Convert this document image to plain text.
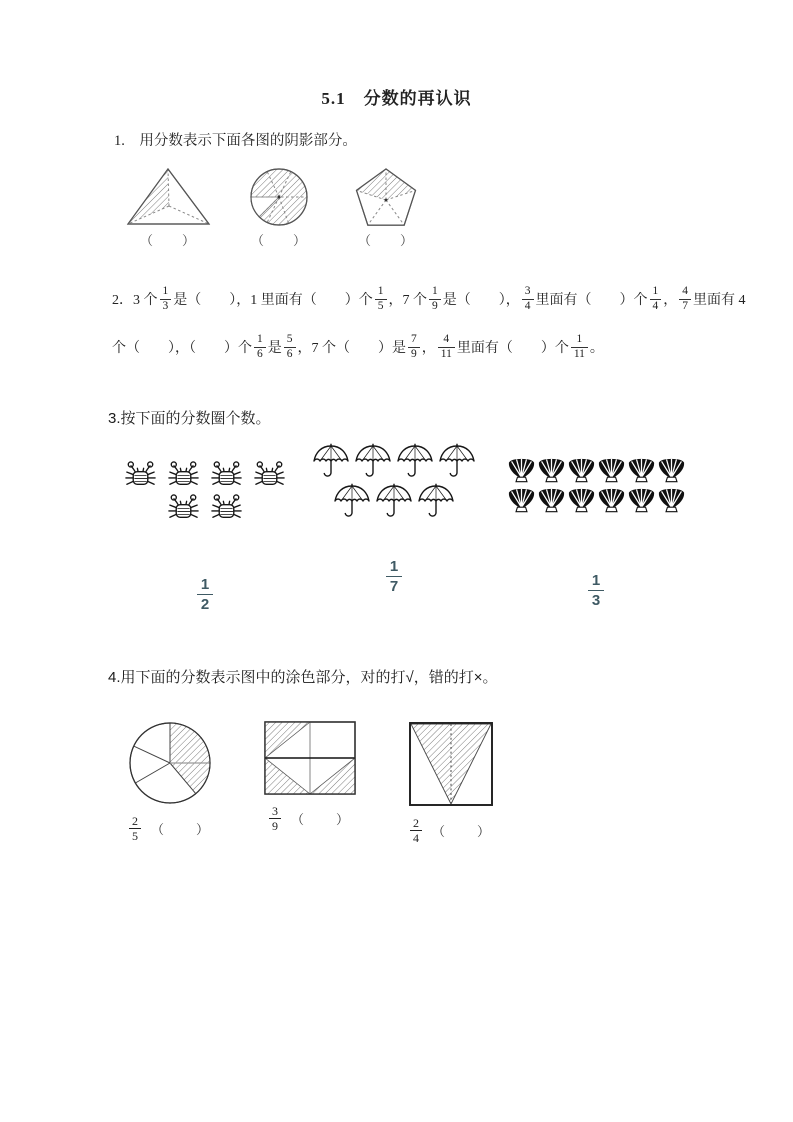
5.1　分数的再认识
1.　用分数表示下面各图的阴影部分。
（　　）	（　　）	（　　）
2．3 个 $\frac{1}{3}$ 是（　　），1 里面有（　　）个 $\frac{1}{5}$ ，7 个 $\frac{1}{9}$ 是（　　）， $\frac{3}{4}$ 里面有（　　）个 $\frac{1}{4}$ ， $\frac{4}{7}$ 里面有 4
个（　　），（　　）个 $\frac{1}{6}$ 是 $\frac{5}{6}$ ，7 个（　　）是 $\frac{7}{9}$ ， $\frac{4}{11}$ 里面有（　　）个 $\frac{1}{11}$ 。
3.按下面的分数圈个数。
$\frac{1}{2}$	$\frac{1}{7}$	$\frac{1}{3}$
4.用下面的分数表示图中的涂色部分，对的打√，错的打×。
$\frac{2}{5}$ （　　）	$\frac{3}{9}$ （　　）	$\frac{2}{4}$ （　　）
